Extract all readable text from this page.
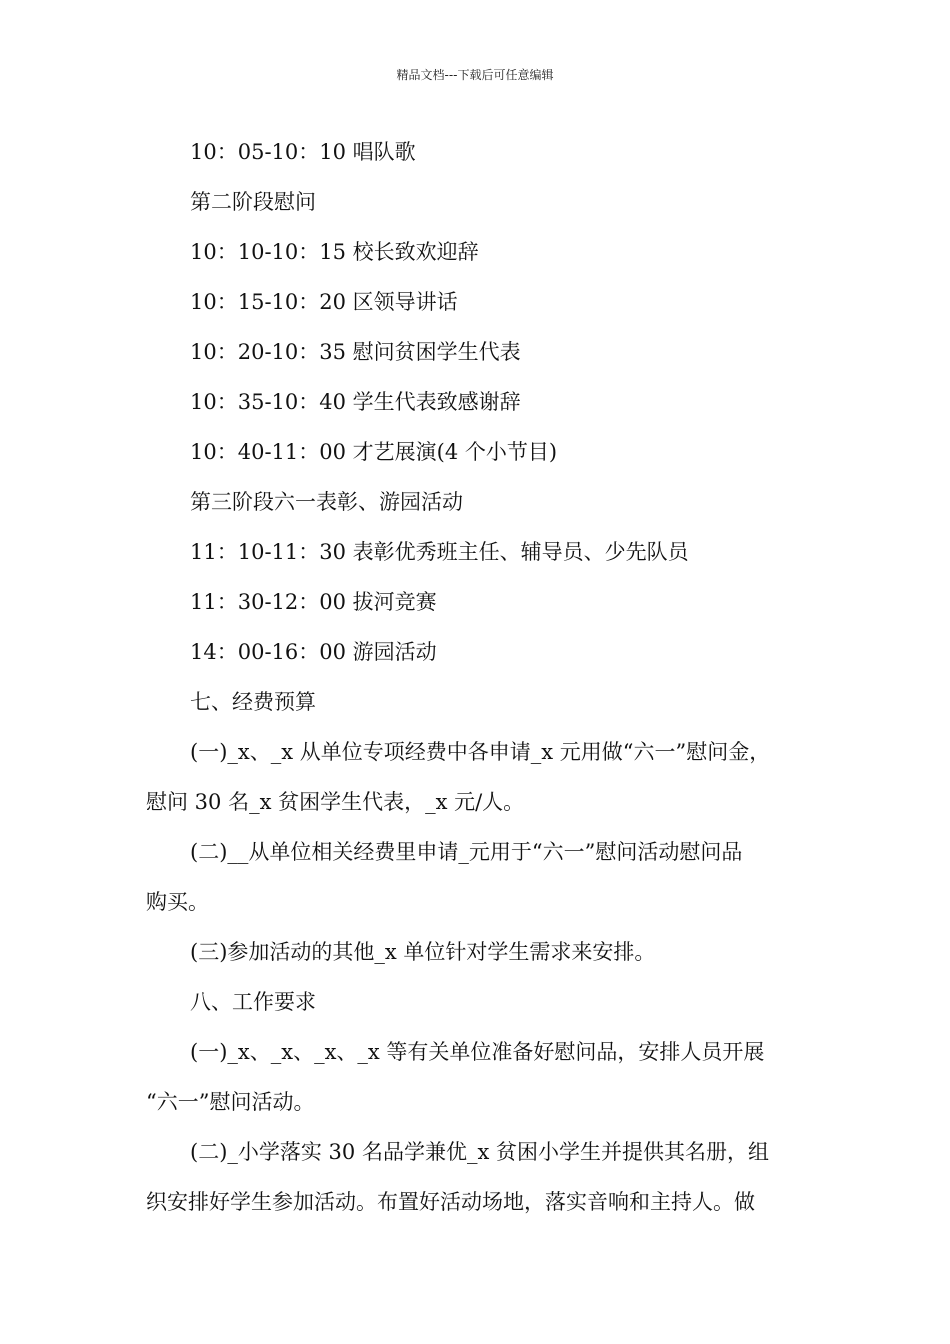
精品文档---下载后可任意编辑
10：05-10：10 唱队歌
第二阶段慰问
10：10-10：15 校长致欢迎辞
10：15-10：20 区领导讲话
10：20-10：35 慰问贫困学生代表
10：35-10：40 学生代表致感谢辞
10：40-11：00 才艺展演(4 个小节目)
第三阶段六一表彰、游园活动
11：10-11：30 表彰优秀班主任、辅导员、少先队员
11：30-12：00 拔河竞赛
14：00-16：00 游园活动
七、经费预算
(一)_x、_x 从单位专项经费中各申请_x 元用做“六一”慰问金，
慰问 30 名_x 贫困学生代表，_x 元/人。
(二)__从单位相关经费里申请_元用于“六一”慰问活动慰问品
购买。
(三)参加活动的其他_x 单位针对学生需求来安排。
八、工作要求
(一)_x、_x、_x、_x 等有关单位准备好慰问品，安排人员开展
“六一”慰问活动。
(二)_小学落实 30 名品学兼优_x 贫困小学生并提供其名册，组
织安排好学生参加活动。布置好活动场地，落实音响和主持人。做
